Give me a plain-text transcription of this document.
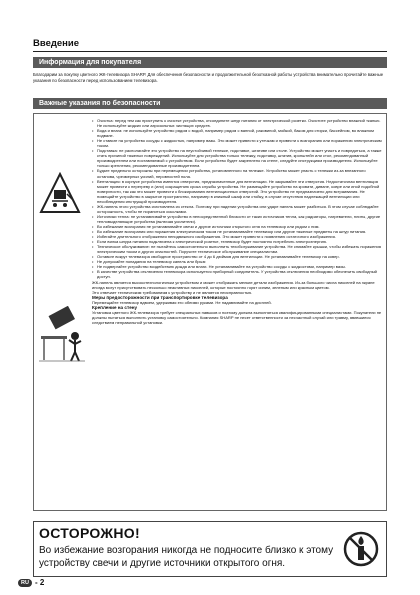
Введение
Информация для покупателя
Благодарим за покупку цветного ЖК-телевизора SHARP. Для обеспечения безопасности и продолжительной безотказной работы устройства внимательно прочитайте важные указания по безопасности перед использованием телевизора.
Важные указания по безопасности
• Очистка: перед тем как приступить к очистке устройства, отсоедините шнур питания от электрической розетки. Очистите устройство влажной тканью. Не используйте жидких или аэрозольных чистящих средств.
• Вода и влага: не используйте устройство рядом с водой, например рядом с ванной, раковиной, мойкой, баком для стирки, бассейном, во влажном подвале.
• Не ставьте на устройство сосуды с жидкостью, например вазы. Это может привести к утечкам и привести к возгоранию или поражению электрическим током.
• Подставка: не располагайте это устройство на неустойчивой тележке, подставке, штативе или столе. Устройство может упасть и повредиться, а также стать причиной тяжелых повреждений. Используйте для устройства только тележку, подставку, штатив, кронштейн или стол, рекомендованный производителем или поставляемый с устройством. Если устройство будет закреплено на стене, следуйте инструкциям производителя. Используйте только крепления, рекомендованные производителем.
• Будьте предельно осторожны при перемещении устройства, установленного на тележке. Устройство может упасть с тележки из-за внезапного останова, чрезмерных усилий, неровностей пола.
• Вентиляция: в корпусе устройства имеются отверстия, предназначенные для вентиляции. Не закрывайте эти отверстия. Недостаточная вентиляция может привести к перегреву и (или) сокращению срока службы устройства. Не размещайте устройство на кровати, диване, ковре или иной подобной поверхности, так как это может привести к блокированию вентиляционных отверстий. Это устройство не предназначено для встраивания. Не помещайте устройство в закрытое пространство, например в книжный шкаф или стойку, в случае отсутствия надлежащей вентиляции или несоблюдения инструкций производителя.
• ЖК-панель этого устройства изготовлена из стекла. Поэтому при падении устройства или ударе панель может разбиться. В этом случае соблюдайте осторожность, чтобы не пораниться осколками.
• Источники тепла: не устанавливайте устройство в непосредственной близости от таких источников тепла, как радиаторы, нагреватели, плиты, другие тепловыделяющие устройства (включая усилители).
• Во избежание возгорания не устанавливайте свечи и другие источники открытого огня на телевизор или рядом с ним.
• Во избежание возгорания или поражения электрическим током не устанавливайте телевизор или другие тяжелые предметы на шнур питания.
• Избегайте длительного отображения неподвижного изображения. Это может привести к появлению остаточного изображения.
• Если вилка шнура питания подключена к электрической розетке, телевизор будет постоянно потреблять электроэнергию.
• Техническое обслуживание: не пытайтесь самостоятельно выполнить техобслуживание устройства. Не снимайте крышки, чтобы избежать поражения электрическим током и других опасностей. Поручите техническое обслуживание специалистам.
• Оставьте вокруг телевизора свободное пространство от 4 до 6 дюймов для вентиляции. Не устанавливайте телевизор на ковер.
• Не допускайте попадания на телевизор капель или брызг.
• Не подвергайте устройство воздействию дождя или влаги. Не устанавливайте на устройство сосуды с жидкостями, например вазы.
• В качестве устройства отключения телевизора используется приборный соединитель. У устройства отключения необходимо обеспечить свободный доступ.

ЖК-панель является высокотехнологичным устройством и может отображать мелкие детали изображения. Из-за большого числа пикселей на экране иногда могут присутствовать несколько неактивных пикселей, которые постоянно горят синим, зеленым или красным цветом.

Это отвечает техническим требованиям к устройству и не является неисправностью.

Меры предосторожности при транспортировке телевизора

Перемещайте телевизор вдвоем, удерживая его обеими руками. Не надавливайте на дисплей.

Крепление на стену

Установка цветного ЖК-телевизора требует специальных навыков и поэтому должна выполняться квалифицированными специалистами. Покупатели не должны пытаться выполнить установку самостоятельно. Компания SHARP не несет ответственности за несчастный случай или травму, явившиеся следствием неправильной установки.

ОСТОРОЖНО!
Во избежание возгорания никогда не подносите близко к этому устройству свечи и другие источники открытого огня.
RU - 2
